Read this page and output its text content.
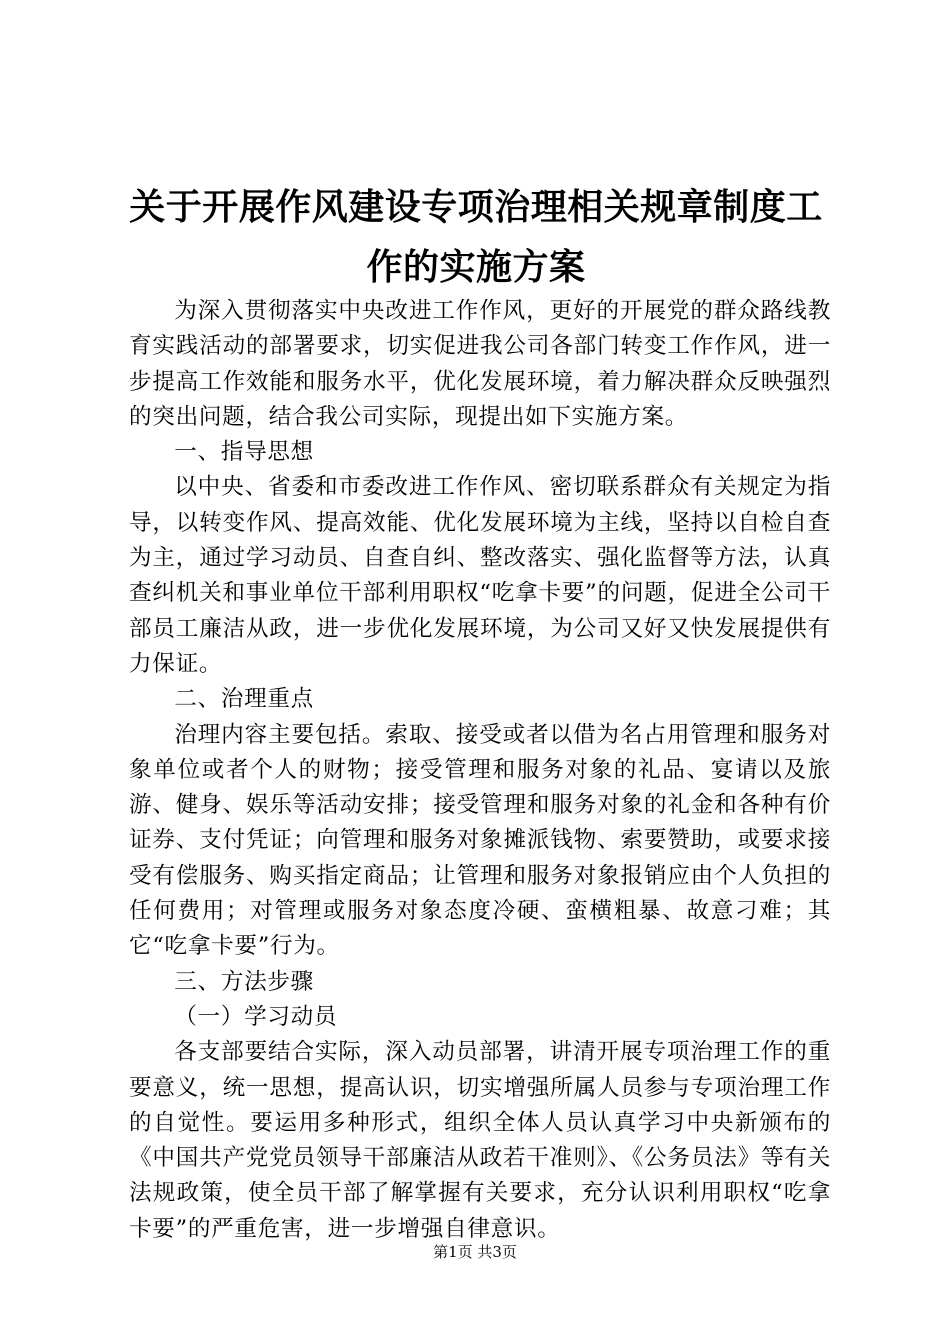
关于开展作风建设专项治理相关规章制度工作的实施方案

为深入贯彻落实中央改进工作作风，更好的开展党的群众路线教育实践活动的部署要求，切实促进我公司各部门转变工作作风，进一步提高工作效能和服务水平，优化发展环境，着力解决群众反映强烈的突出问题，结合我公司实际，现提出如下实施方案。

一、指导思想

以中央、省委和市委改进工作作风、密切联系群众有关规定为指导，以转变作风、提高效能、优化发展环境为主线，坚持以自检自查为主，通过学习动员、自查自纠、整改落实、强化监督等方法，认真查纠机关和事业单位干部利用职权“吃拿卡要”的问题，促进全公司干部员工廉洁从政，进一步优化发展环境，为公司又好又快发展提供有力保证。

二、治理重点

治理内容主要包括。索取、接受或者以借为名占用管理和服务对象单位或者个人的财物；接受管理和服务对象的礼品、宴请以及旅游、健身、娱乐等活动安排；接受管理和服务对象的礼金和各种有价证券、支付凭证；向管理和服务对象摊派钱物、索要赞助，或要求接受有偿服务、购买指定商品；让管理和服务对象报销应由个人负担的任何费用；对管理或服务对象态度冷硬、蛮横粗暴、故意刁难；其它“吃拿卡要”行为。

三、方法步骤

（一）学习动员

各支部要结合实际，深入动员部署，讲清开展专项治理工作的重要意义，统一思想，提高认识，切实增强所属人员参与专项治理工作的自觉性。要运用多种形式，组织全体人员认真学习中央新颁布的《中国共产党党员领导干部廉洁从政若干准则》、《公务员法》等有关法规政策，使全员干部了解掌握有关要求，充分认识利用职权“吃拿卡要”的严重危害，进一步增强自律意识。

第1页 共3页
